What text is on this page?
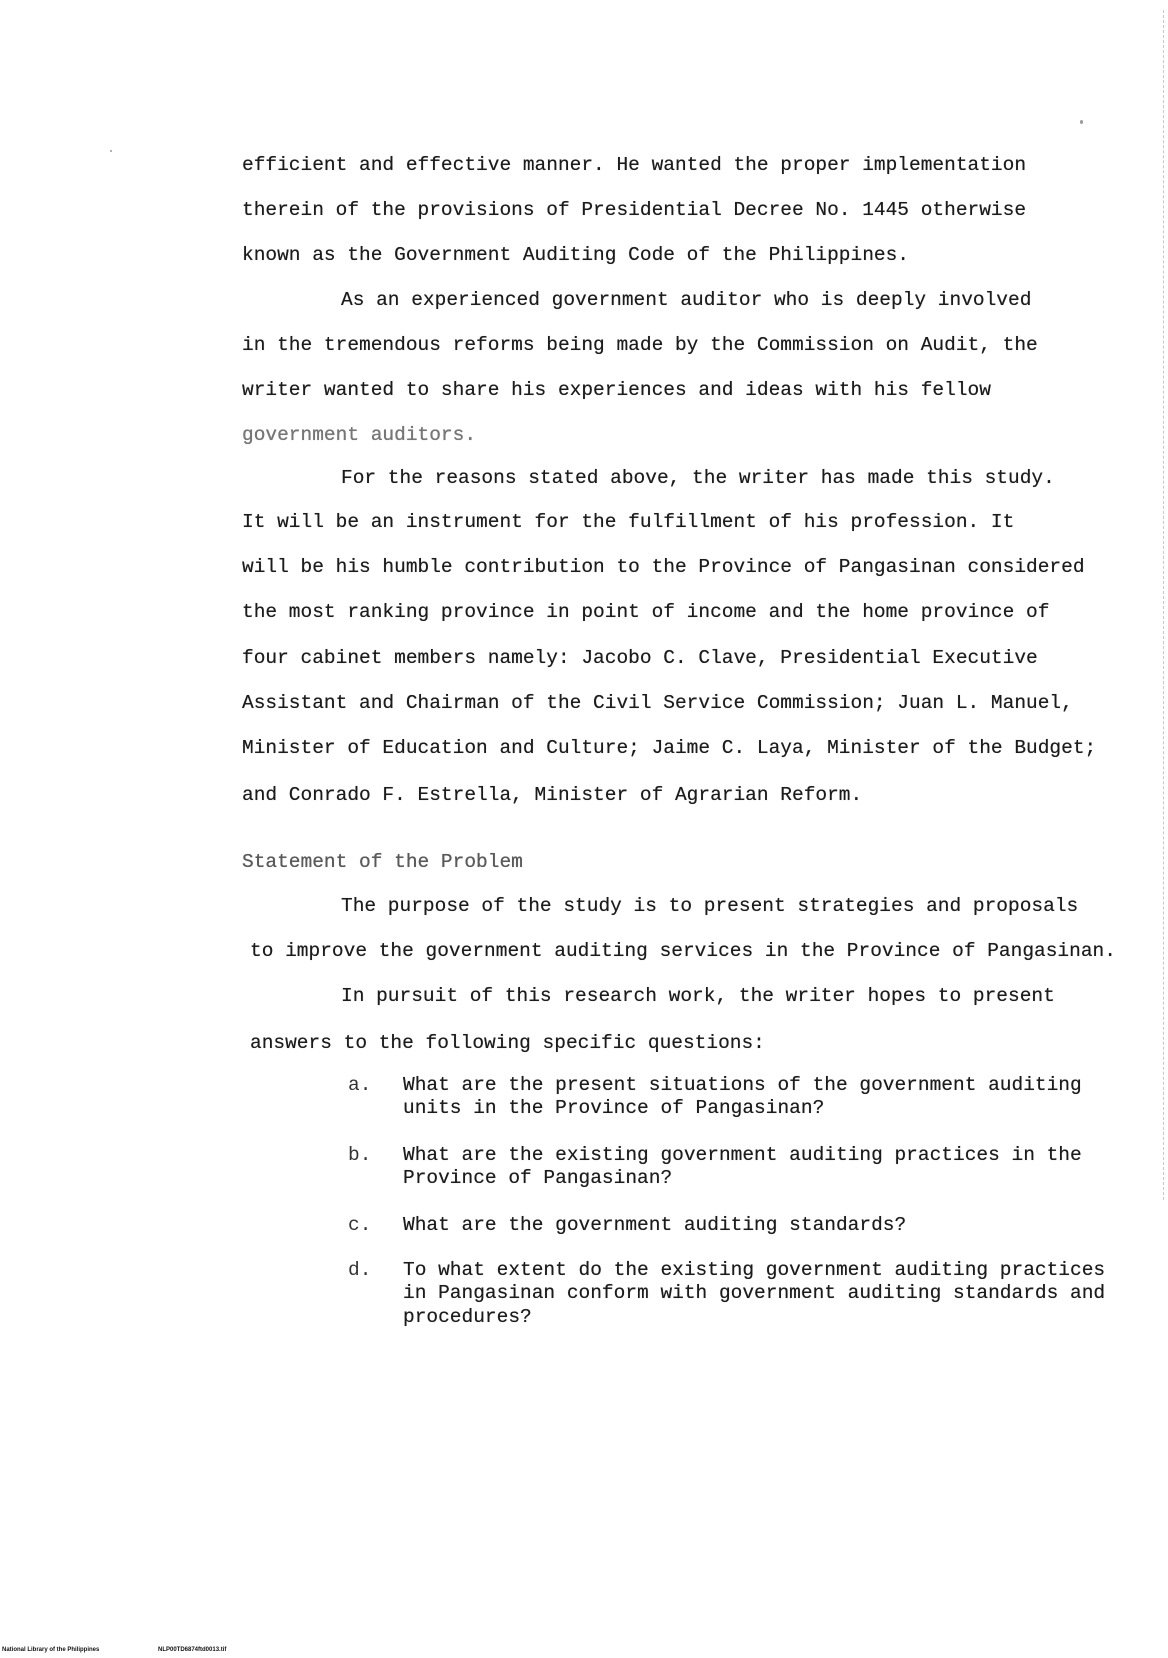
efficient and effective manner. He wanted the proper implementation
therein of the provisions of Presidential Decree No. 1445 otherwise
known as the Government Auditing Code of the Philippines.
As an experienced government auditor who is deeply involved
in the tremendous reforms being made by the Commission on Audit, the
writer wanted to share his experiences and ideas with his fellow
government auditors.
For the reasons stated above, the writer has made this study.
It will be an instrument for the fulfillment of his profession. It
will be his humble contribution to the Province of Pangasinan considered
the most ranking province in point of income and the home province of
four cabinet members namely: Jacobo C. Clave, Presidential Executive
Assistant and Chairman of the Civil Service Commission; Juan L. Manuel,
Minister of Education and Culture; Jaime C. Laya, Minister of the Budget;
and Conrado F. Estrella, Minister of Agrarian Reform.
Statement of the Problem
The purpose of the study is to present strategies and proposals
to improve the government auditing services in the Province of Pangasinan.
In pursuit of this research work, the writer hopes to present
answers to the following specific questions:
a. What are the present situations of the government auditing
units in the Province of Pangasinan?
b. What are the existing government auditing practices in the
Province of Pangasinan?
c. What are the government auditing standards?
d. To what extent do the existing government auditing practices
in Pangasinan conform with government auditing standards and
procedures?
National Library of the Philippines	NLP00TD6874ftd0013.tif
